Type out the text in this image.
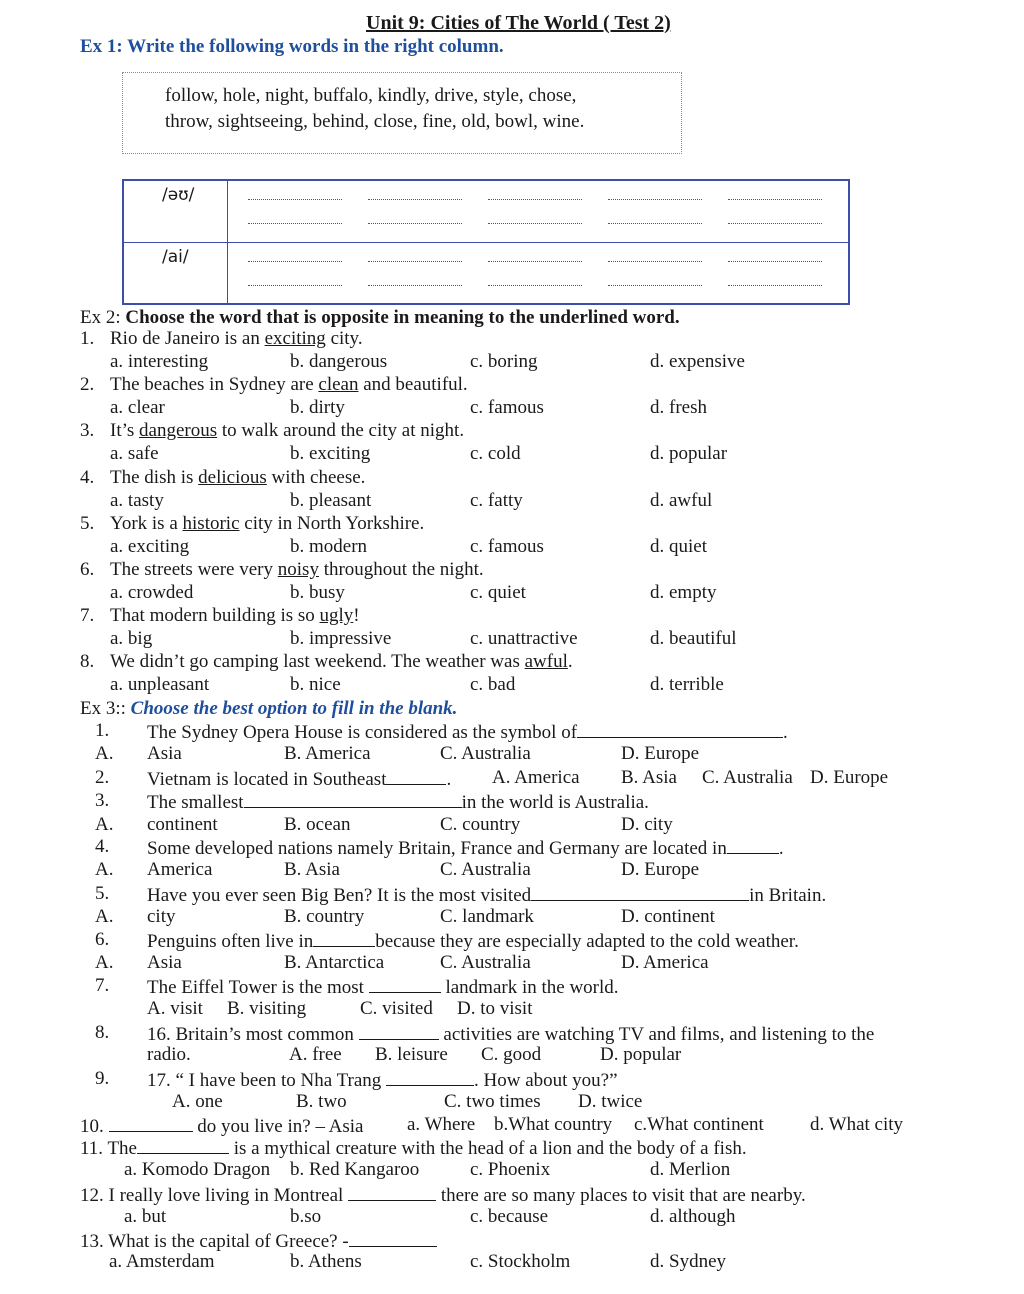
Unit 9: Cities of The World ( Test 2)
Ex 1: Write the following words in the right column.
follow, hole, night, buffalo, kindly, drive, style, chose,
throw, sightseeing, behind, close, fine, old, bowl, wine.
/əʊ/	

/ai/	
Ex 2: Choose the word that is opposite in meaning to the underlined word.
1. Rio de Janeiro is an exciting city.
a. interesting	b. dangerous	c. boring	d. expensive
2. The beaches in Sydney are clean and beautiful.
a. clear	b. dirty	c. famous	d. fresh
3. It’s dangerous to walk around the city at night.
a. safe	b. exciting	c. cold	d. popular
4. The dish is delicious with cheese.
a. tasty	b. pleasant	c. fatty	d. awful
5. York is a historic city in North Yorkshire.
a. exciting	b. modern	c. famous	d. quiet
6. The streets were very noisy throughout the night.
a. crowded	b. busy	c. quiet	d. empty
7. That modern building is so ugly!
a. big	b. impressive	c. unattractive	d. beautiful
8. We didn’t go camping last weekend. The weather was awful.
a. unpleasant	b. nice	c. bad	d. terrible
Ex 3:: Choose the best option to fill in the blank.
1. The Sydney Opera House is considered as the symbol of	.
A. Asia	B. America	C. Australia	D. Europe
2. Vietnam is located in Southeast	. A. America B. Asia C. Australia D. Europe
3. The smallest	in the world is Australia.
A. continent	B. ocean	C. country	D. city
4. Some developed nations namely Britain, France and Germany are located in	.
A. America	B. Asia	C. Australia	D. Europe
5. Have you ever seen Big Ben? It is the most visited	in Britain.
A. city	B. country	C. landmark	D. continent
6. Penguins often live in	because they are especially adapted to the cold weather.
A. Asia	B. Antarctica	C. Australia	D. America
7. The Eiffel Tower is the most	landmark in the world.
A. visit B. visiting	C. visited D. to visit
8. 16. Britain’s most common	activities are watching TV and films, and listening to the
radio.	A. free B. leisure C. good	D. popular
9. 17. “ I have been to Nha Trang	. How about you?”
A. one	B. two	C. two times D. twice
10.	do you live in? – Asia a. Where b.What country c.What continent d. What city
11. The	is a mythical creature with the head of a lion and the body of a fish.
a. Komodo Dragon b. Red Kangaroo	c. Phoenix	d. Merlion
12. I really love living in Montreal	there are so many places to visit that are nearby.
a. but	b.so	c. because	d. although
13. What is the capital of Greece? -
a. Amsterdam	b. Athens	c. Stockholm	d. Sydney
